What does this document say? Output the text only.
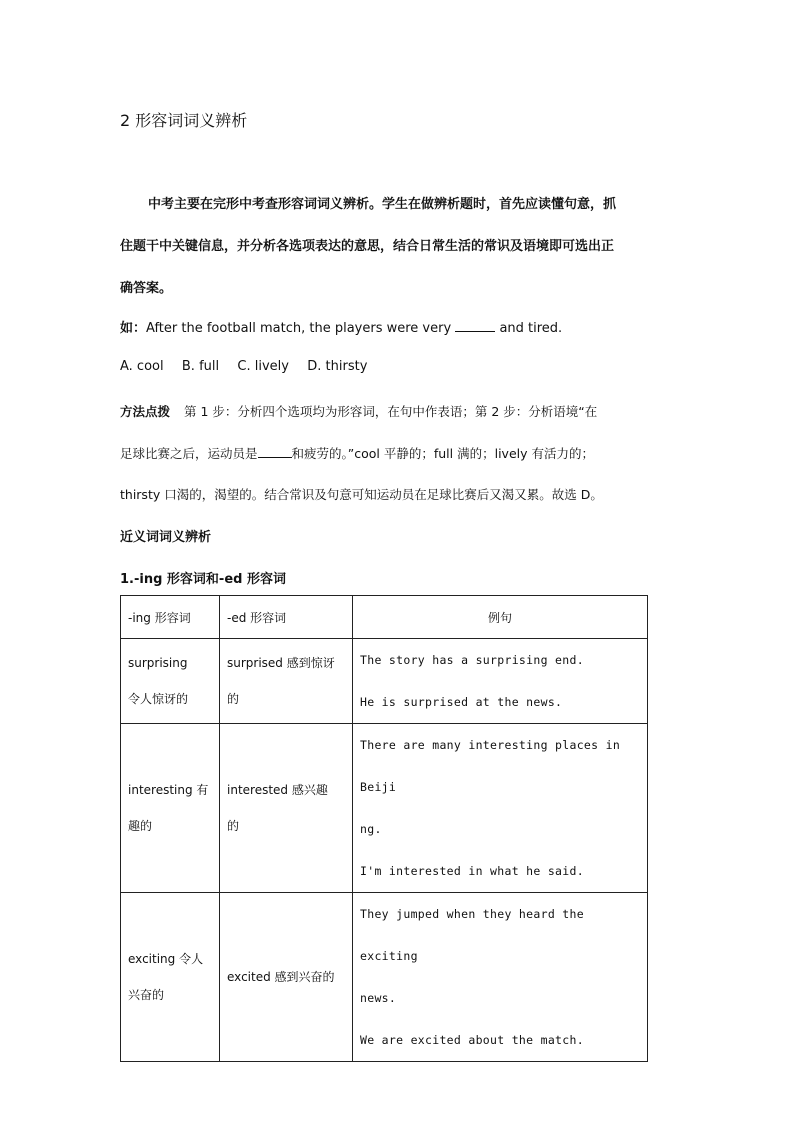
2 形容词词义辨析
中考主要在完形中考查形容词词义辨析。学生在做辨析题时，首先应读懂句意，抓
住题干中关键信息，并分析各选项表达的意思，结合日常生活的常识及语境即可选出正
确答案。
如：After the football match, the players were very	and tired.
A. cool B. full C. lively D. thirsty
方法点拨 第 1 步：分析四个选项均为形容词，在句中作表语；第 2 步：分析语境“在
足球比赛之后，运动员是	和疲劳的。”cool 平静的；full 满的；lively 有活力的；
thirsty 口渴的，渴望的。结合常识及句意可知运动员在足球比赛后又渴又累。故选 D。
近义词词义辨析
1.-ing 形容词和-ed 形容词
-ing 形容词	-ed 形容词	例句

surprising
令人惊讶的	surprised 感到惊讶
的	The story has a surprising end.
He is surprised at the news.

interesting 有
趣的	interested 感兴趣
的	There are many interesting places in Beiji
ng.
I'm interested in what he said.

exciting 令人
兴奋的	excited 感到兴奋的	They jumped when they heard the exciting
news.
We are excited about the match.
